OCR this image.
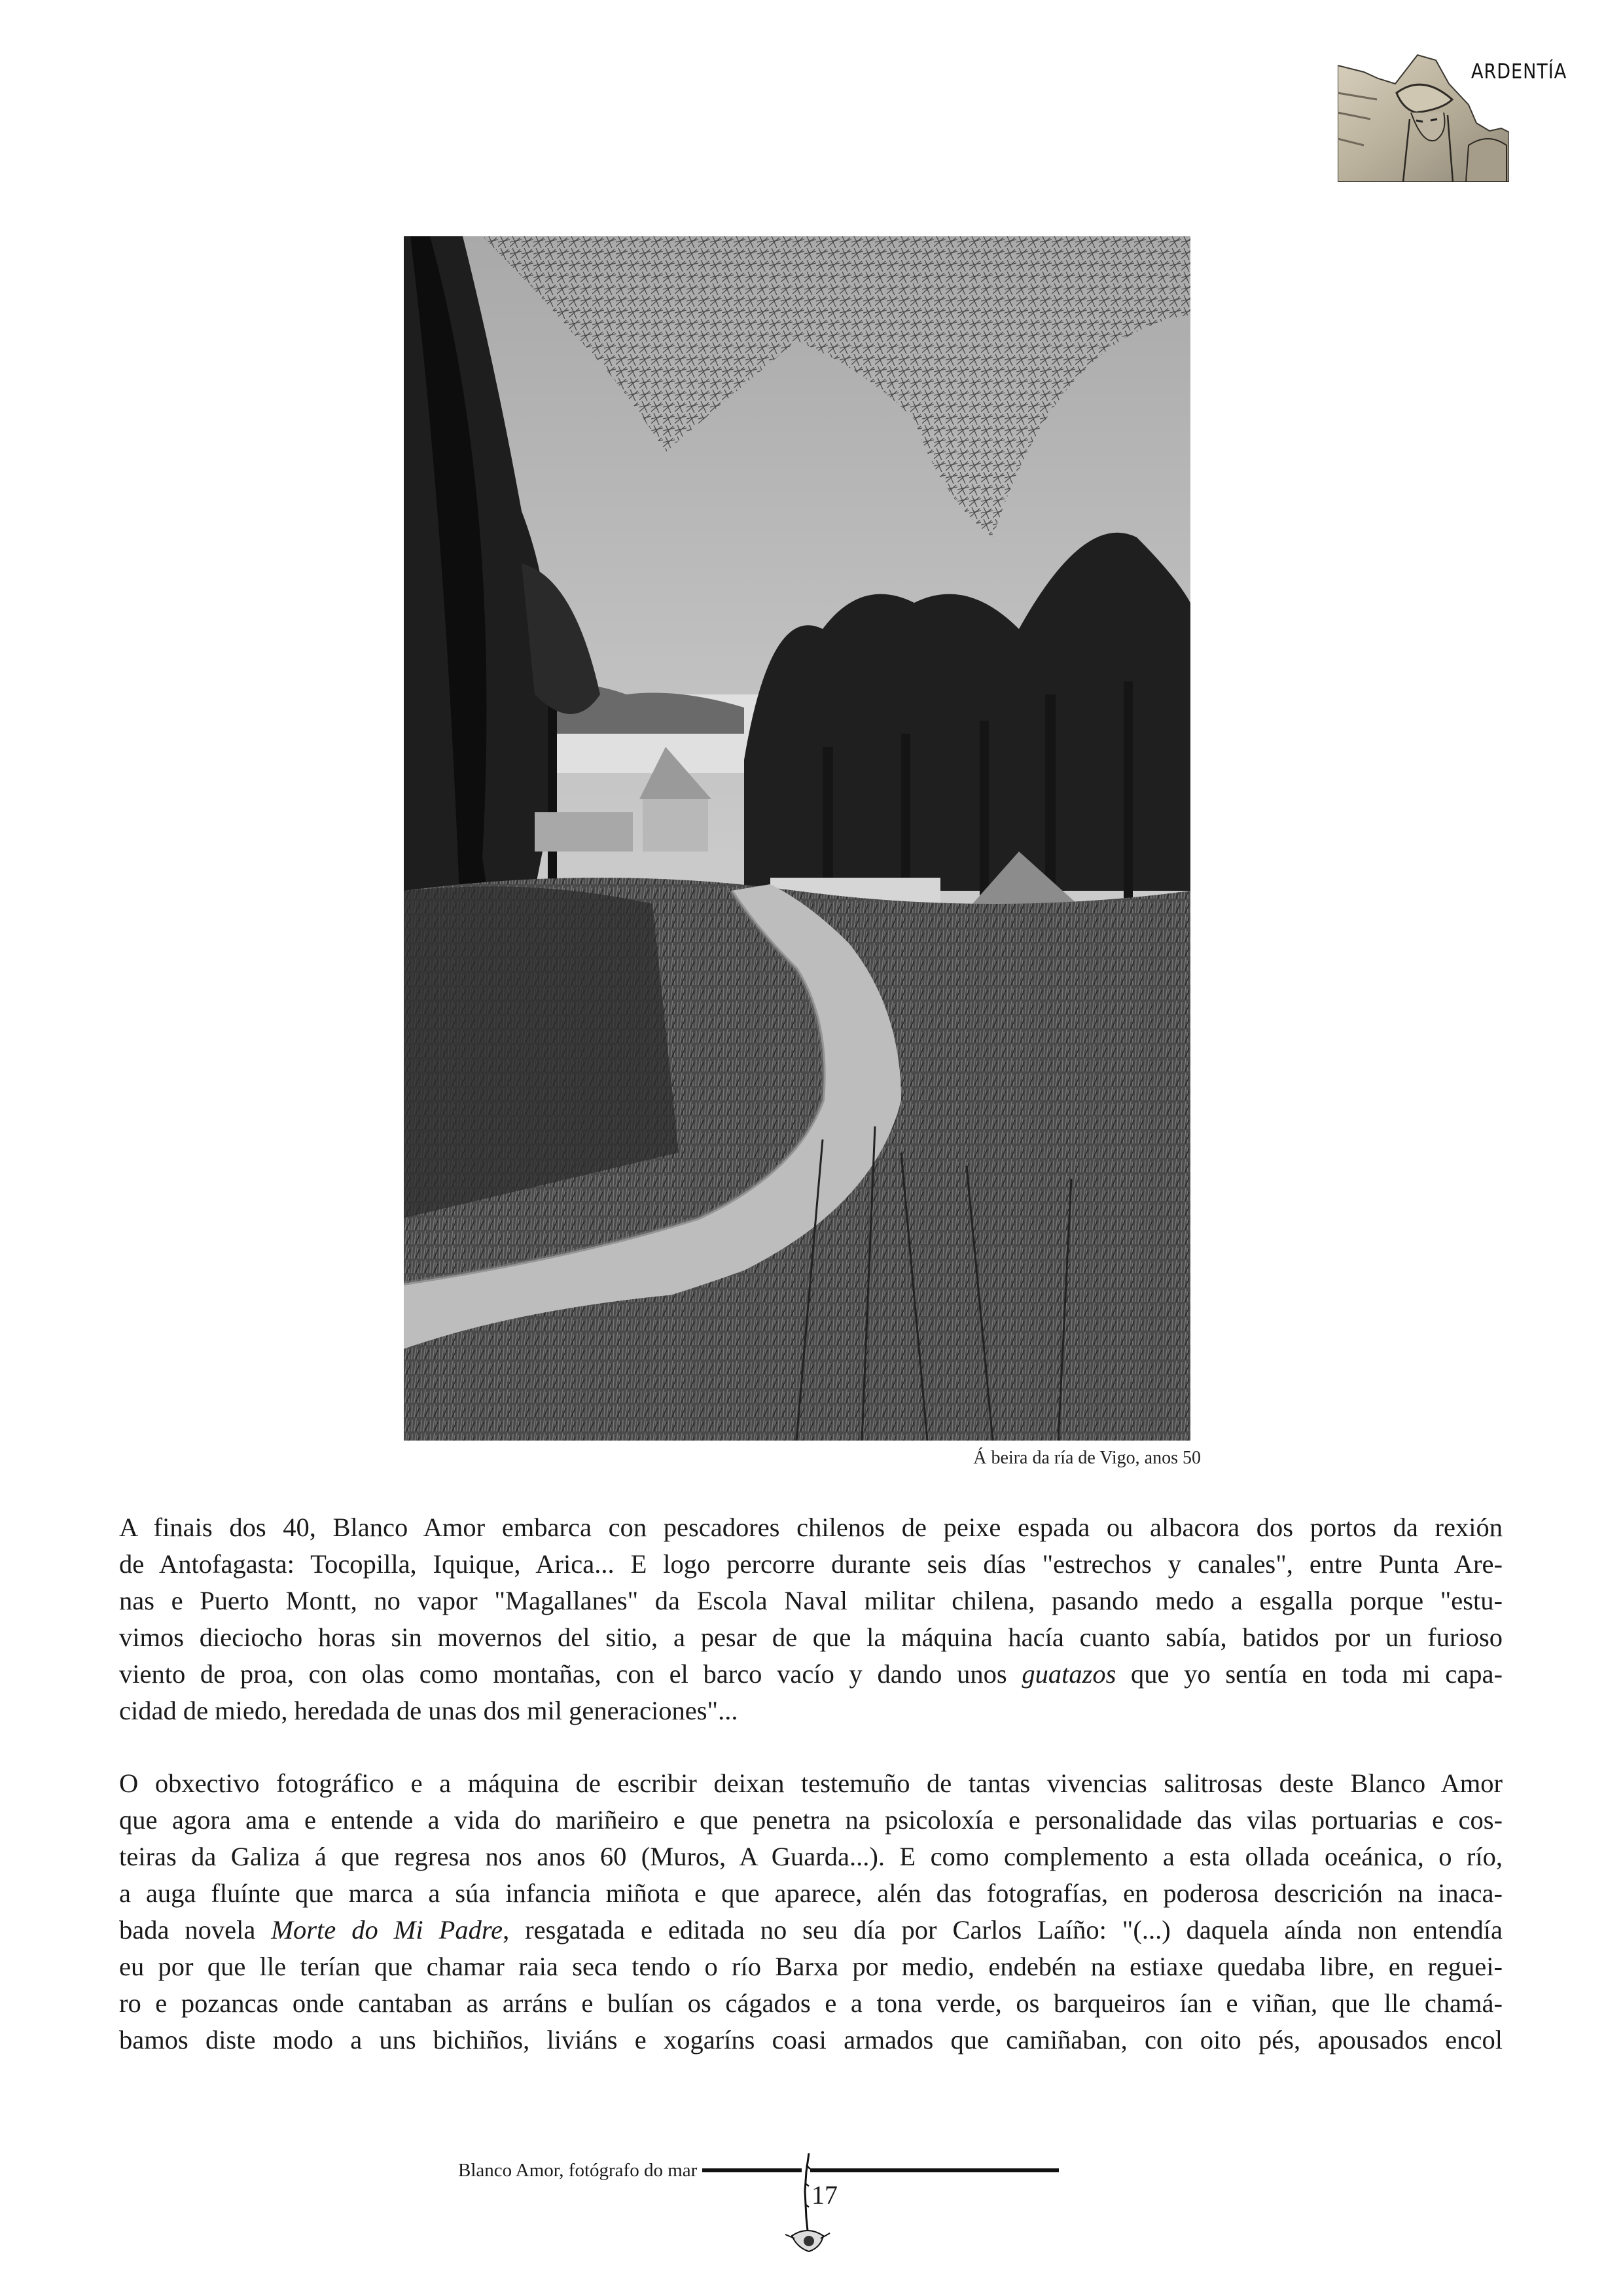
ARDENTÍA
Á beira da ría de Vigo, anos 50
A finais dos 40, Blanco Amor embarca con pescadores chilenos de peixe espada ou albacora dos portos da rexión
de Antofagasta: Tocopilla, Iquique, Arica... E logo percorre durante seis días "estrechos y canales", entre Punta Are-
nas e Puerto Montt, no vapor "Magallanes" da Escola Naval militar chilena, pasando medo a esgalla porque "estu-
vimos dieciocho horas sin movernos del sitio, a pesar de que la máquina hacía cuanto sabía, batidos por un furioso
viento de proa, con olas como montañas, con el barco vacío y dando unos guatazos que yo sentía en toda mi capa-
cidad de miedo, heredada de unas dos mil generaciones"...
O obxectivo fotográfico e a máquina de escribir deixan testemuño de tantas vivencias salitrosas deste Blanco Amor
que agora ama e entende a vida do mariñeiro e que penetra na psicoloxía e personalidade das vilas portuarias e cos-
teiras da Galiza á que regresa nos anos 60 (Muros, A Guarda...). E como complemento a esta ollada oceánica, o río,
a auga fluínte que marca a súa infancia miñota e que aparece, alén das fotografías, en poderosa descrición na inaca-
bada novela Morte do Mi Padre, resgatada e editada no seu día por Carlos Laíño: "(...) daquela aínda non entendía
eu por que lle terían que chamar raia seca tendo o río Barxa por medio, endebén na estiaxe quedaba libre, en reguei-
ro e pozancas onde cantaban as arráns e bulían os cágados e a tona verde, os barqueiros ían e viñan, que lle chamá-
bamos diste modo a uns bichiños, liviáns e xogaríns coasi armados que camiñaban, con oito pés, apousados encol
Blanco Amor, fotógrafo do mar
17
